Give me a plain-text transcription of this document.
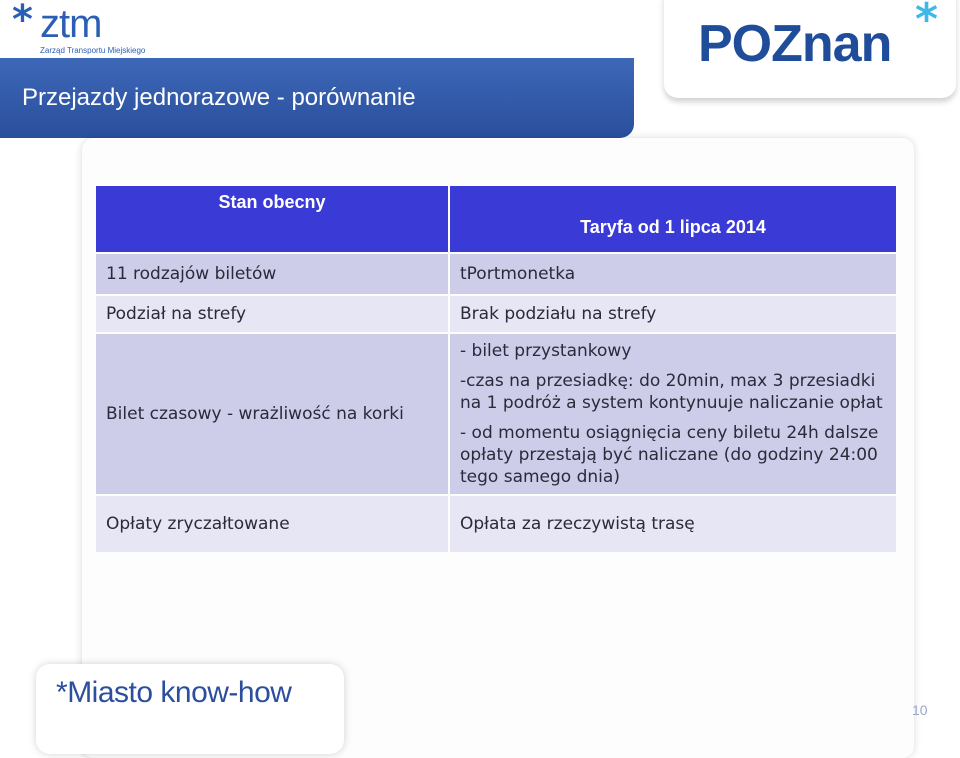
* ztm
Zarząd Transportu Miejskiego	POZnan *
Przejazdy jednorazowe - porównanie
Stan obecny	Taryfa od 1 lipca 2014
11 rodzajów biletów	tPortmonetka

Podział na strefy	Brak podziału na strefy

Bilet czasowy - wrażliwość na korki	- bilet przystankowy
-czas na przesiadkę: do 20min, max 3 przesiadki na 1 podróż a system kontynuuje naliczanie opłat
- od momentu osiągnięcia ceny biletu 24h dalsze opłaty przestają być naliczane (do godziny 24:00 tego samego dnia)

Opłaty zryczałtowane	Opłata za rzeczywistą trasę
*Miasto know-how
10
